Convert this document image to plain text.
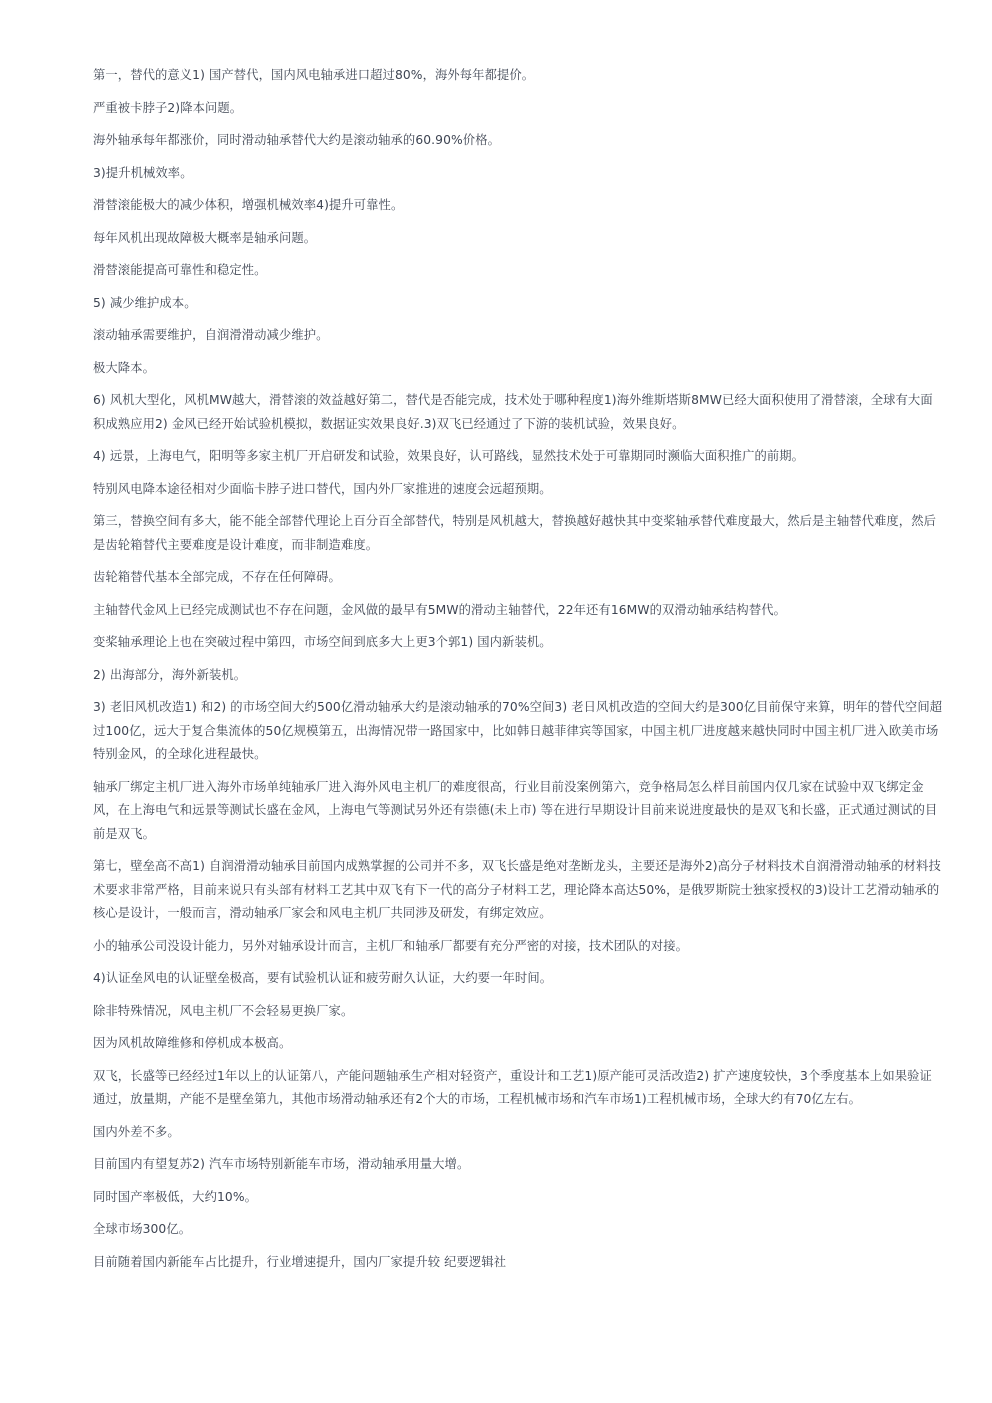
第一，替代的意义1) 国产替代，国内风电轴承进口超过80%，海外每年都提价。

严重被卡脖子2)降本问题。

海外轴承每年都涨价，同时滑动轴承替代大约是滚动轴承的60.90%价格。

3)提升机械效率。

滑替滚能极大的减少体积，增强机械效率4)提升可靠性。

每年风机出现故障极大概率是轴承问题。

滑替滚能提高可靠性和稳定性。

5) 减少维护成本。

滚动轴承需要维护，自润滑滑动减少维护。

极大降本。

6) 风机大型化，风机MW越大，滑替滚的效益越好第二，替代是否能完成，技术处于哪种程度1)海外维斯塔斯8MW已经大面积使用了滑替滚，全球有大面积成熟应用2) 金风已经开始试验机模拟，数据证实效果良好.3)双飞已经通过了下游的装机试验，效果良好。

4) 远景，上海电气，阳明等多家主机厂开启研发和试验，效果良好，认可路线，显然技术处于可靠期同时濒临大面积推广的前期。

特别风电降本途径相对少面临卡脖子进口替代，国内外厂家推进的速度会远超预期。

第三，替换空间有多大，能不能全部替代理论上百分百全部替代，特别是风机越大，替换越好越快其中变桨轴承替代难度最大，然后是主轴替代难度，然后是齿轮箱替代主要难度是设计难度，而非制造难度。

齿轮箱替代基本全部完成，不存在任何障碍。

主轴替代金风上已经完成测试也不存在问题，金风做的最早有5MW的滑动主轴替代，22年还有16MW的双滑动轴承结构替代。

变桨轴承理论上也在突破过程中第四，市场空间到底多大上更3个郭1) 国内新装机。

2) 出海部分，海外新装机。

3) 老旧风机改造1) 和2) 的市场空间大约500亿滑动轴承大约是滚动轴承的70%空间3) 老日风机改造的空间大约是300亿目前保守来算，明年的替代空间超过100亿，远大于复合集流体的50亿规模第五，出海情况带一路国家中，比如韩日越菲律宾等国家，中国主机厂进度越来越快同时中国主机厂进入欧美市场特别金风，的全球化进程最快。

轴承厂绑定主机厂进入海外市场单纯轴承厂进入海外风电主机厂的难度很高，行业目前没案例第六，竞争格局怎么样目前国内仅几家在试验中双飞绑定金风，在上海电气和远景等测试长盛在金风，上海电气等测试另外还有崇德(未上市) 等在进行早期设计目前来说进度最快的是双飞和长盛，正式通过测试的目前是双飞。

第七，壁垒高不高1) 自润滑滑动轴承目前国内成熟掌握的公司并不多，双飞长盛是绝对垄断龙头，主要还是海外2)高分子材料技术自润滑滑动轴承的材料技术要求非常严格，目前来说只有头部有材料工艺其中双飞有下一代的高分子材料工艺，理论降本高达50%，是俄罗斯院士独家授权的3)设计工艺滑动轴承的核心是设计，一般而言，滑动轴承厂家会和风电主机厂共同涉及研发，有绑定效应。

小的轴承公司没设计能力，另外对轴承设计而言，主机厂和轴承厂都要有充分严密的对接，技术团队的对接。

4)认证垒风电的认证壁垒极高，要有试验机认证和疲劳耐久认证，大约要一年时间。

除非特殊情况，风电主机厂不会轻易更换厂家。

因为风机故障维修和停机成本极高。

双飞，长盛等已经经过1年以上的认证第八，产能问题轴承生产相对轻资产，重设计和工艺1)原产能可灵活改造2) 扩产速度较快，3个季度基本上如果验证通过，放量期，产能不是壁垒第九，其他市场滑动轴承还有2个大的市场，工程机械市场和汽车市场1)工程机械市场，全球大约有70亿左右。

国内外差不多。

目前国内有望复苏2) 汽车市场特别新能车市场，滑动轴承用量大增。

同时国产率极低，大约10%。

全球市场300亿。

目前随着国内新能车占比提升，行业增速提升，国内厂家提升较 纪要逻辑社
